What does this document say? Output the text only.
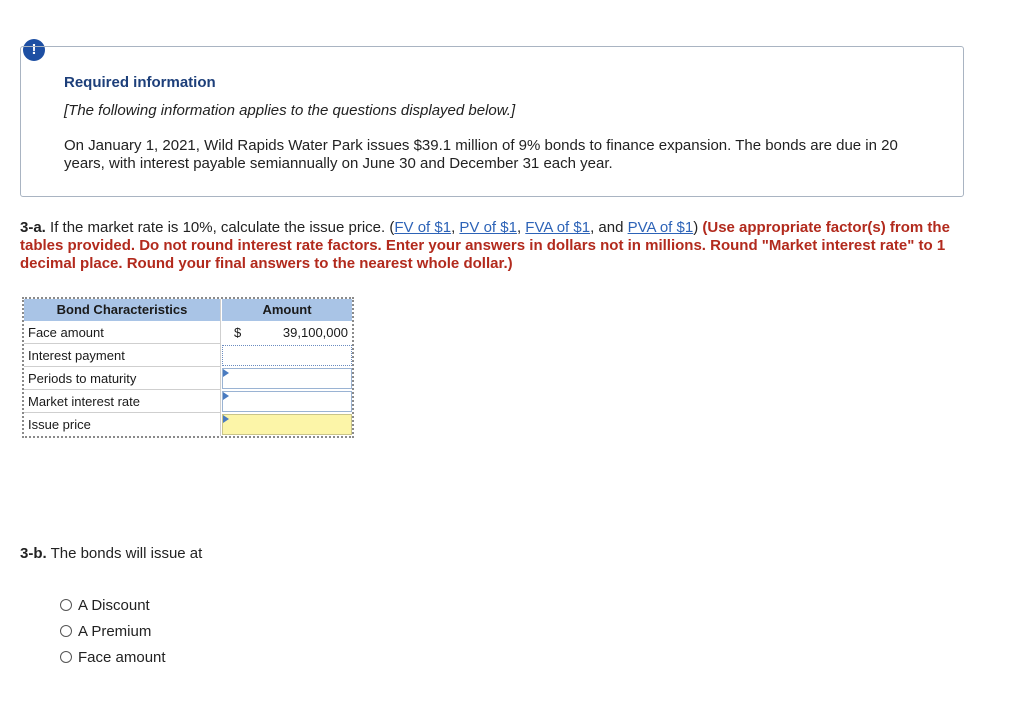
!
Required information
[The following information applies to the questions displayed below.]
On January 1, 2021, Wild Rapids Water Park issues $39.1 million of 9% bonds to finance expansion. The bonds are due in 20 years, with interest payable semiannually on June 30 and December 31 each year.
3-a. If the market rate is 10%, calculate the issue price. (FV of $1, PV of $1, FVA of $1, and PVA of $1) (Use appropriate factor(s) from the tables provided. Do not round interest rate factors. Enter your answers in dollars not in millions. Round "Market interest rate" to 1 decimal place. Round your final answers to the nearest whole dollar.)
Bond Characteristics	Amount
Face amount	$	39,100,000
Interest payment
Periods to maturity
Market interest rate
Issue price
3-b. The bonds will issue at
A Discount
A Premium
Face amount
